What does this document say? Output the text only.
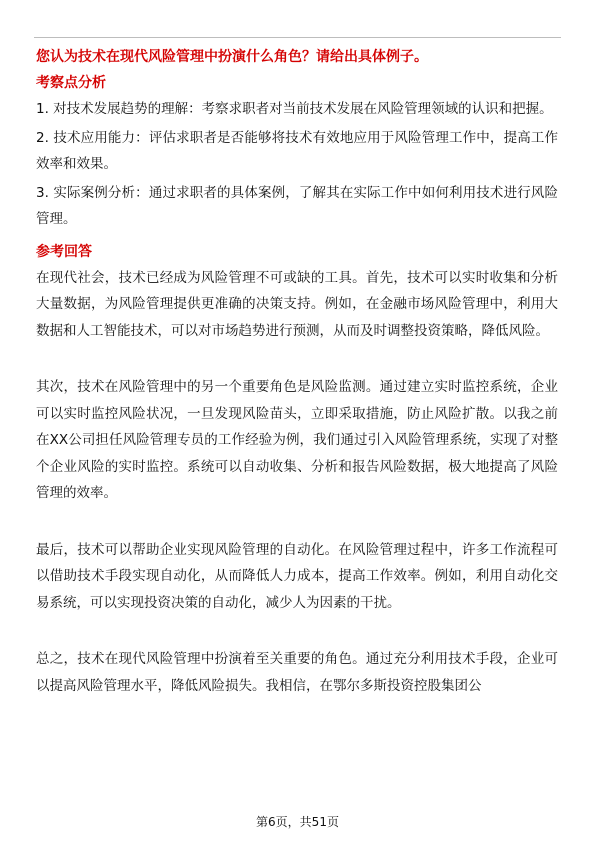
您认为技术在现代风险管理中扮演什么角色？请给出具体例子。

考察点分析

1. 对技术发展趋势的理解：考察求职者对当前技术发展在风险管理领域的认识和把握。

2. 技术应用能力：评估求职者是否能够将技术有效地应用于风险管理工作中，提高工作效率和效果。

3. 实际案例分析：通过求职者的具体案例，了解其在实际工作中如何利用技术进行风险管理。

参考回答

在现代社会，技术已经成为风险管理不可或缺的工具。首先，技术可以实时收集和分析大量数据，为风险管理提供更准确的决策支持。例如，在金融市场风险管理中，利用大数据和人工智能技术，可以对市场趋势进行预测，从而及时调整投资策略，降低风险。

其次，技术在风险管理中的另一个重要角色是风险监测。通过建立实时监控系统，企业可以实时监控风险状况，一旦发现风险苗头，立即采取措施，防止风险扩散。以我之前在XX公司担任风险管理专员的工作经验为例，我们通过引入风险管理系统，实现了对整个企业风险的实时监控。系统可以自动收集、分析和报告风险数据，极大地提高了风险管理的效率。

最后，技术可以帮助企业实现风险管理的自动化。在风险管理过程中，许多工作流程可以借助技术手段实现自动化，从而降低人力成本，提高工作效率。例如，利用自动化交易系统，可以实现投资决策的自动化，减少人为因素的干扰。

总之，技术在现代风险管理中扮演着至关重要的角色。通过充分利用技术手段，企业可以提高风险管理水平，降低风险损失。我相信，在鄂尔多斯投资控股集团公

第6页，共51页
